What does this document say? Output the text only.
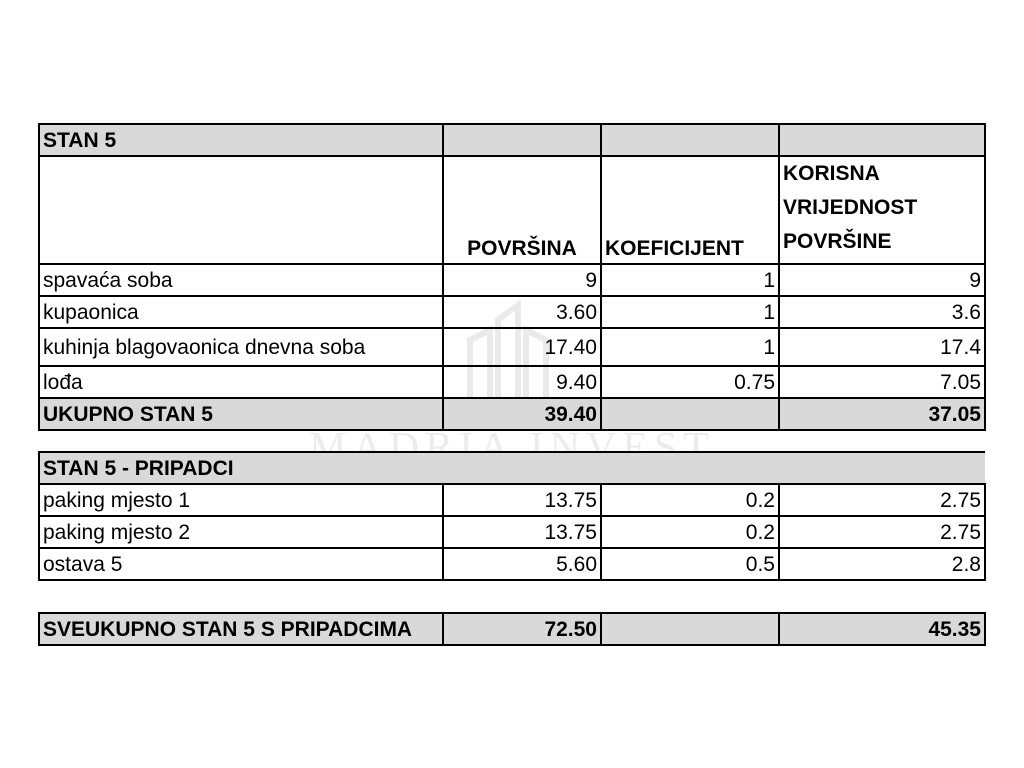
MADRIA INVEST
STAN 5			
	POVRŠINA	KOEFICIJENT	KORISNA
VRIJEDNOST
POVRŠINE

spavaća soba	9	1	9
kupaonica	3.60	1	3.6
kuhinja blagovaonica dnevna soba	17.40	1	17.4
lođa	9.40	0.75	7.05
UKUPNO STAN 5	39.40		37.05
STAN 5 - PRIPADCI			
paking mjesto 1	13.75	0.2	2.75
paking mjesto 2	13.75	0.2	2.75
ostava 5	5.60	0.5	2.8
SVEUKUPNO STAN 5 S PRIPADCIMA	72.50		45.35
